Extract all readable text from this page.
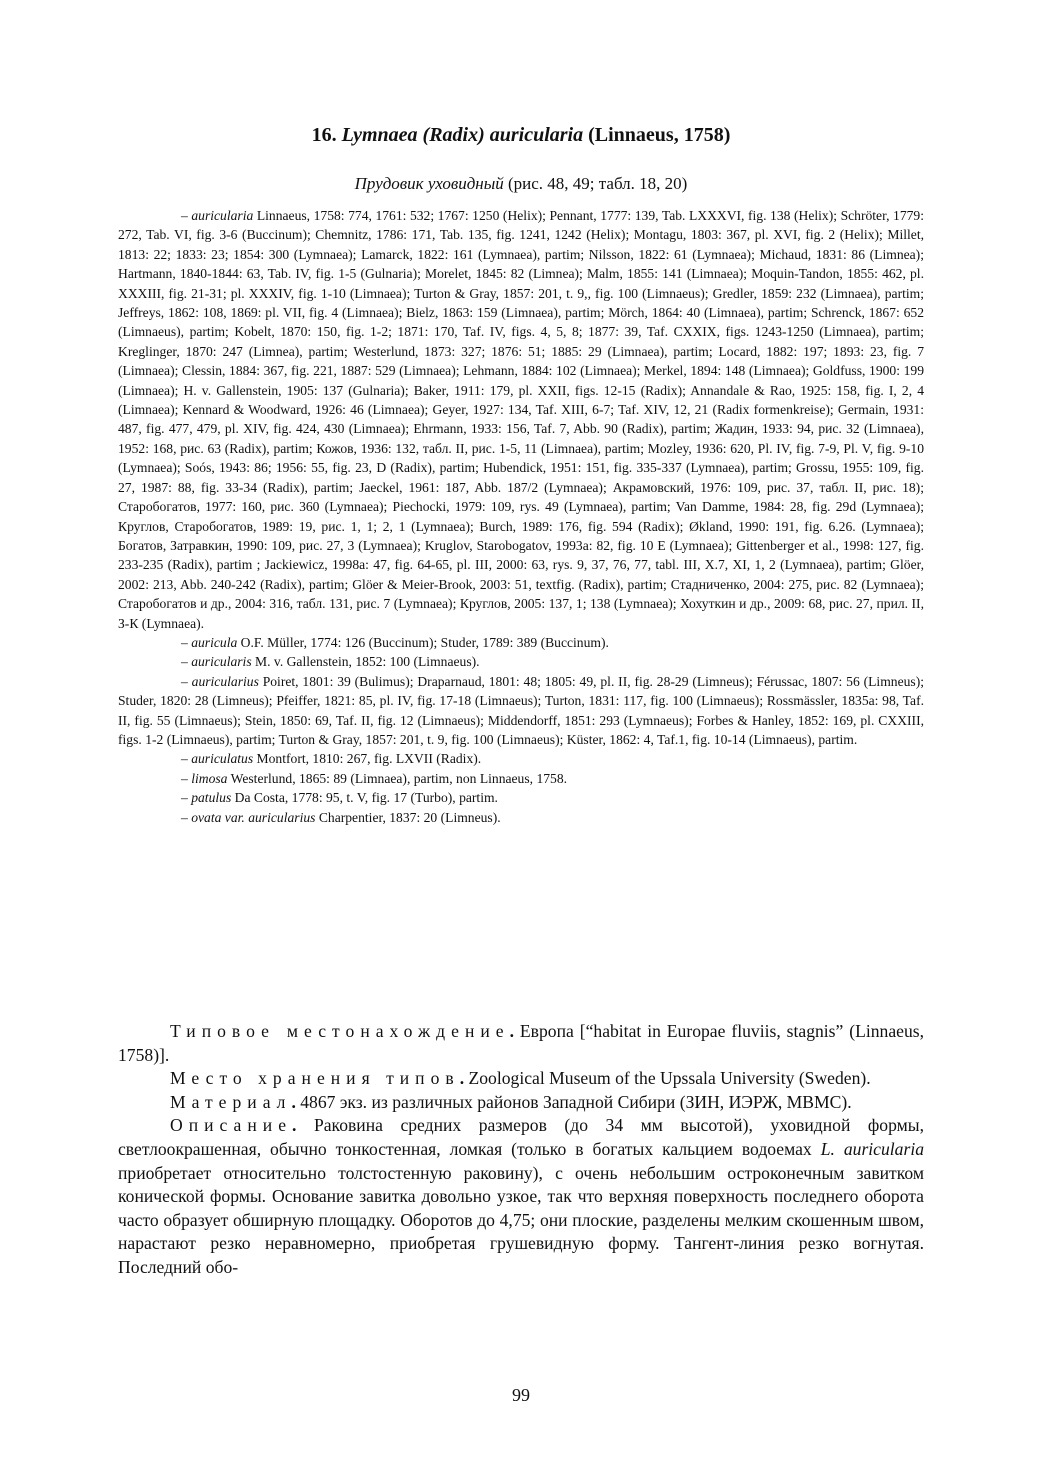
16. Lymnaea (Radix) auricularia (Linnaeus, 1758)
Прудовик уховидный (рис. 48, 49; табл. 18, 20)

– auricularia Linnaeus, 1758: 774, 1761: 532; 1767: 1250 (Helix); Pennant, 1777: 139, Tab. LXXXVI, fig. 138 (Helix); Schröter, 1779: 272, Tab. VI, fig. 3-6 (Buccinum); Chemnitz, 1786: 171, Tab. 135, fig. 1241, 1242 (Helix); Montagu, 1803: 367, pl. XVI, fig. 2 (Helix); Millet, 1813: 22; 1833: 23; 1854: 300 (Lymnaea); Lamarck, 1822: 161 (Lymnaea), partim; Nilsson, 1822: 61 (Lymnaea); Michaud, 1831: 86 (Limnea); Hartmann, 1840-1844: 63, Tab. IV, fig. 1-5 (Gulnaria); Morelet, 1845: 82 (Limnea); Malm, 1855: 141 (Limnaea); Moquin-Tandon, 1855: 462, pl. XXXIII, fig. 21-31; pl. XXXIV, fig. 1-10 (Limnaea); Turton & Gray, 1857: 201, t. 9,, fig. 100 (Limnaeus); Gredler, 1859: 232 (Limnaea), partim; Jeffreys, 1862: 108, 1869: pl. VII, fig. 4 (Limnaea); Bielz, 1863: 159 (Limnaea), partim; Mörch, 1864: 40 (Limnaea), partim; Schrenck, 1867: 652 (Limnaeus), partim; Kobelt, 1870: 150, fig. 1-2; 1871: 170, Taf. IV, figs. 4, 5, 8; 1877: 39, Taf. CXXIX, figs. 1243-1250 (Limnaea), partim; Kreglinger, 1870: 247 (Limnea), partim; Westerlund, 1873: 327; 1876: 51; 1885: 29 (Limnaea), partim; Locard, 1882: 197; 1893: 23, fig. 7 (Limnaea); Clessin, 1884: 367, fig. 221, 1887: 529 (Limnaea); Lehmann, 1884: 102 (Limnaea); Merkel, 1894: 148 (Limnaea); Goldfuss, 1900: 199 (Limnaea); H. v. Gallenstein, 1905: 137 (Gulnaria); Baker, 1911: 179, pl. XXII, figs. 12-15 (Radix); Annandale & Rao, 1925: 158, fig. I, 2, 4 (Limnaea); Kennard & Woodward, 1926: 46 (Limnaea); Geyer, 1927: 134, Taf. XIII, 6-7; Taf. XIV, 12, 21 (Radix formenkreise); Germain, 1931: 487, fig. 477, 479, pl. XIV, fig. 424, 430 (Limnaea); Ehrmann, 1933: 156, Taf. 7, Abb. 90 (Radix), partim; Жадин, 1933: 94, рис. 32 (Limnaea), 1952: 168, рис. 63 (Radix), partim; Кожов, 1936: 132, табл. II, рис. 1-5, 11 (Limnaea), partim; Mozley, 1936: 620, Pl. IV, fig. 7-9, Pl. V, fig. 9-10 (Lymnaea); Soós, 1943: 86; 1956: 55, fig. 23, D (Radix), partim; Hubendick, 1951: 151, fig. 335-337 (Lymnaea), partim; Grossu, 1955: 109, fig. 27, 1987: 88, fig. 33-34 (Radix), partim; Jaeckel, 1961: 187, Abb. 187/2 (Lymnaea); Акрамовский, 1976: 109, рис. 37, табл. II, рис. 18); Старобогатов, 1977: 160, рис. 360 (Lymnaea); Piechocki, 1979: 109, rys. 49 (Lymnaea), partim; Van Damme, 1984: 28, fig. 29d (Lymnaea); Круглов, Старобогатов, 1989: 19, рис. 1, 1; 2, 1 (Lymnaea); Burch, 1989: 176, fig. 594 (Radix); Økland, 1990: 191, fig. 6.26. (Lymnaea); Богатов, Затравкин, 1990: 109, рис. 27, 3 (Lymnaea); Kruglov, Starobogatov, 1993a: 82, fig. 10 E (Lymnaea); Gittenberger et al., 1998: 127, fig. 233-235 (Radix), partim ; Jackiewicz, 1998a: 47, fig. 64-65, pl. III, 2000: 63, rys. 9, 37, 76, 77, tabl. III, X.7, XI, 1, 2 (Lymnaea), partim; Glöer, 2002: 213, Abb. 240-242 (Radix), partim; Glöer & Meier-Brook, 2003: 51, textfig. (Radix), partim; Стадниченко, 2004: 275, рис. 82 (Lymnaea); Старобогатов и др., 2004: 316, табл. 131, рис. 7 (Lymnaea); Круглов, 2005: 137, 1; 138 (Lymnaea); Хохуткин и др., 2009: 68, рис. 27, прил. II, З-К (Lymnaea).

– auricula O.F. Müller, 1774: 126 (Buccinum); Studer, 1789: 389 (Buccinum).

– auricularis M. v. Gallenstein, 1852: 100 (Limnaeus).

– auricularius Poiret, 1801: 39 (Bulimus); Draparnaud, 1801: 48; 1805: 49, pl. II, fig. 28-29 (Limneus); Férussac, 1807: 56 (Limneus); Studer, 1820: 28 (Limneus); Pfeiffer, 1821: 85, pl. IV, fig. 17-18 (Limnaeus); Turton, 1831: 117, fig. 100 (Limnaeus); Rossmässler, 1835a: 98, Taf. II, fig. 55 (Limnaeus); Stein, 1850: 69, Taf. II, fig. 12 (Limnaeus); Middendorff, 1851: 293 (Lymnaeus); Forbes & Hanley, 1852: 169, pl. CXXIII, figs. 1-2 (Limnaeus), partim; Turton & Gray, 1857: 201, t. 9, fig. 100 (Limnaeus); Küster, 1862: 4, Taf.1, fig. 10-14 (Limnaeus), partim.

– auriculatus Montfort, 1810: 267, fig. LXVII (Radix).

– limosa Westerlund, 1865: 89 (Limnaea), partim, non Linnaeus, 1758.

– patulus Da Costa, 1778: 95, t. V, fig. 17 (Turbo), partim.

– ovata var. auricularius Charpentier, 1837: 20 (Limneus).

Типовое местонахождение. Европа [“habitat in Europae fluviis, stagnis” (Linnaeus, 1758)].

Место хранения типов. Zoological Museum of the Upssala University (Sweden).

Материал. 4867 экз. из различных районов Западной Сибири (ЗИН, ИЭРЖ, МВМС).

Описание. Раковина средних размеров (до 34 мм высотой), уховидной формы, светлоокрашенная, обычно тонкостенная, ломкая (только в богатых кальцием водоемах L. auricularia приобретает относительно толстостенную раковину), с очень небольшим остроконечным завитком конической формы. Основание завитка довольно узкое, так что верхняя поверхность последнего оборота часто образует обширную площадку. Оборотов до 4,75; они плоские, разделены мелким скошенным швом, нарастают резко неравномерно, приобретая грушевидную форму. Тангент-линия резко вогнутая. Последний обо-

99
